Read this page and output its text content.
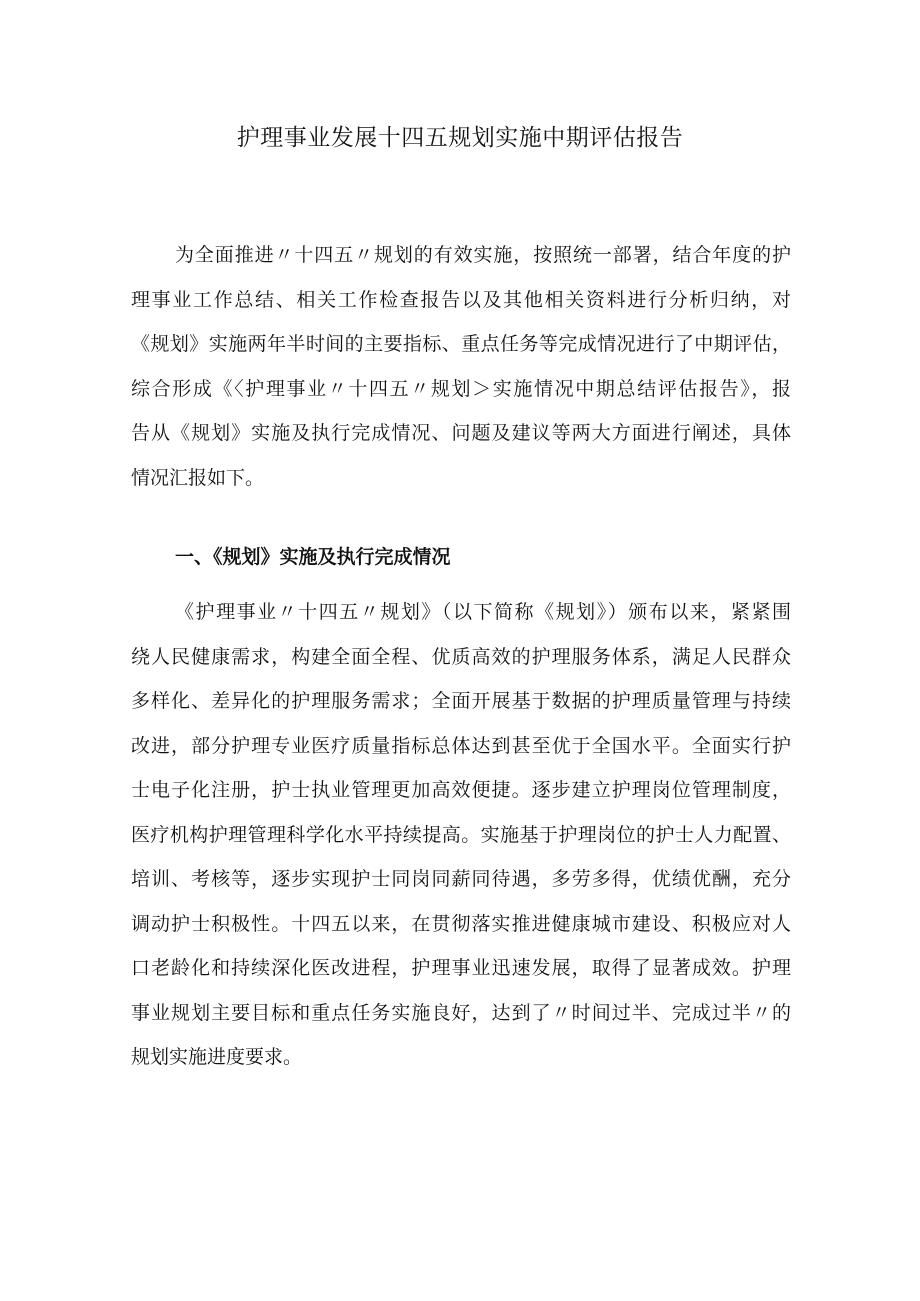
护理事业发展十四五规划实施中期评估报告
为全面推进〃十四五〃规划的有效实施，按照统一部署，结合年度的护
理事业工作总结、相关工作检查报告以及其他相关资料进行分析归纳，对
《规划》实施两年半时间的主要指标、重点任务等完成情况进行了中期评估，
综合形成《〈护理事业〃十四五〃规划＞实施情况中期总结评估报告》，报
告从《规划》实施及执行完成情况、问题及建议等两大方面进行阐述，具体
情况汇报如下。
一、《规划》实施及执行完成情况
《护理事业〃十四五〃规划》（以下简称《规划》）颁布以来，紧紧围
绕人民健康需求，构建全面全程、优质高效的护理服务体系，满足人民群众
多样化、差异化的护理服务需求；全面开展基于数据的护理质量管理与持续
改进，部分护理专业医疗质量指标总体达到甚至优于全国水平。全面实行护
士电子化注册，护士执业管理更加高效便捷。逐步建立护理岗位管理制度，
医疗机构护理管理科学化水平持续提高。实施基于护理岗位的护士人力配置、
培训、考核等，逐步实现护士同岗同薪同待遇，多劳多得，优绩优酬，充分
调动护士积极性。十四五以来，在贯彻落实推进健康城市建设、积极应对人
口老龄化和持续深化医改进程，护理事业迅速发展，取得了显著成效。护理
事业规划主要目标和重点任务实施良好，达到了〃时间过半、完成过半〃的
规划实施进度要求。
